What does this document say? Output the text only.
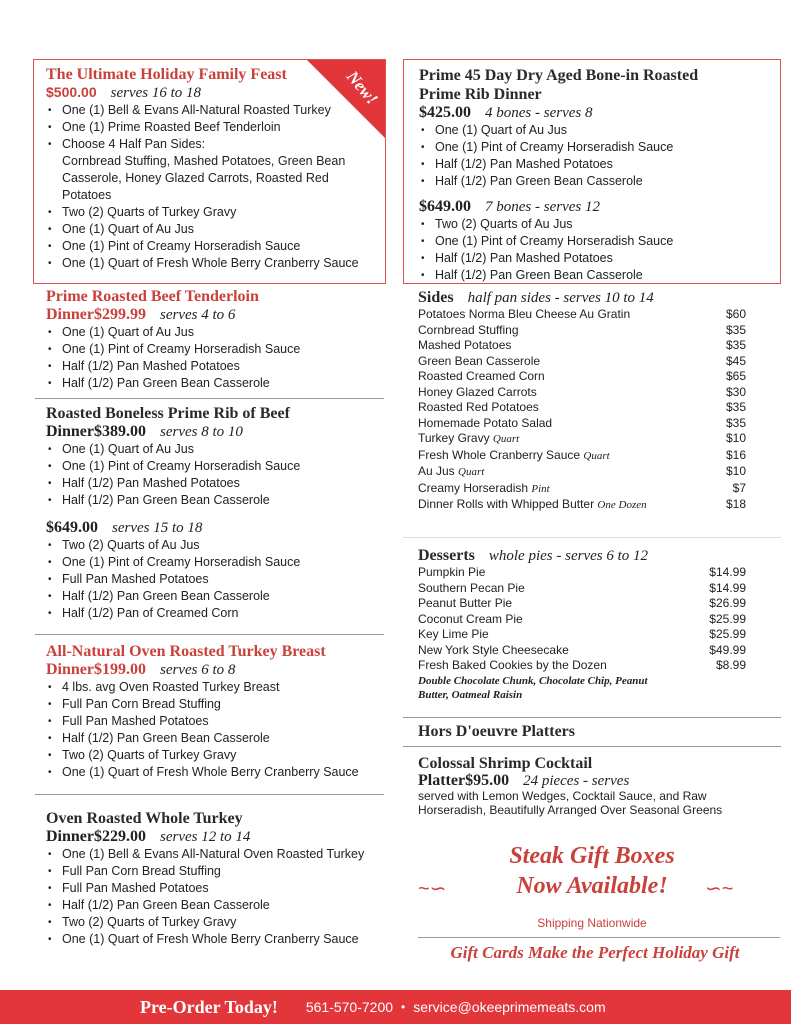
New!
The Ultimate Holiday Family Feast
$500.00 serves 16 to 18
• One (1) Bell & Evans All-Natural Roasted Turkey
• One (1) Prime Roasted Beef Tenderloin
• Choose 4 Half Pan Sides:
Cornbread Stuffing, Mashed Potatoes, Green Bean Casserole, Honey Glazed Carrots, Roasted Red Potatoes
• Two (2) Quarts of Turkey Gravy
• One (1) Quart of Au Jus
• One (1) Pint of Creamy Horseradish Sauce
• One (1) Quart of Fresh Whole Berry Cranberry Sauce
Prime Roasted Beef Tenderloin
Dinner$299.99 serves 4 to 6
• One (1) Quart of Au Jus
• One (1) Pint of Creamy Horseradish Sauce
• Half (1/2) Pan Mashed Potatoes
• Half (1/2) Pan Green Bean Casserole
Roasted Boneless Prime Rib of Beef
Dinner$389.00 serves 8 to 10
• One (1) Quart of Au Jus
• One (1) Pint of Creamy Horseradish Sauce
• Half (1/2) Pan Mashed Potatoes
• Half (1/2) Pan Green Bean Casserole
$649.00 serves 15 to 18
• Two (2) Quarts of Au Jus
• One (1) Pint of Creamy Horseradish Sauce
• Full Pan Mashed Potatoes
• Half (1/2) Pan Green Bean Casserole
• Half (1/2) Pan of Creamed Corn
All-Natural Oven Roasted Turkey Breast
Dinner$199.00 serves 6 to 8
• 4 lbs. avg Oven Roasted Turkey Breast
• Full Pan Corn Bread Stuffing
• Full Pan Mashed Potatoes
• Half (1/2) Pan Green Bean Casserole
• Two (2) Quarts of Turkey Gravy
• One (1) Quart of Fresh Whole Berry Cranberry Sauce
Oven Roasted Whole Turkey
Dinner$229.00 serves 12 to 14
• One (1) Bell & Evans All-Natural Oven Roasted Turkey
• Full Pan Corn Bread Stuffing
• Full Pan Mashed Potatoes
• Half (1/2) Pan Green Bean Casserole
• Two (2) Quarts of Turkey Gravy
• One (1) Quart of Fresh Whole Berry Cranberry Sauce
Prime 45 Day Dry Aged Bone-in Roasted Prime Rib Dinner
$425.00 4 bones - serves 8
• One (1) Quart of Au Jus
• One (1) Pint of Creamy Horseradish Sauce
• Half (1/2) Pan Mashed Potatoes
• Half (1/2) Pan Green Bean Casserole
$649.00 7 bones - serves 12
• Two (2) Quarts of Au Jus
• One (1) Pint of Creamy Horseradish Sauce
• Half (1/2) Pan Mashed Potatoes
• Half (1/2) Pan Green Bean Casserole
Sides half pan sides - serves 10 to 14
Potatoes Norma Bleu Cheese Au Gratin	$60
Cornbread Stuffing	$35
Mashed Potatoes	$35
Green Bean Casserole	$45
Roasted Creamed Corn	$65
Honey Glazed Carrots	$30
Roasted Red Potatoes	$35
Homemade Potato Salad	$35
Turkey Gravy Quart	$10
Fresh Whole Cranberry Sauce Quart	$16
Au Jus Quart	$10
Creamy Horseradish Pint	$7
Dinner Rolls with Whipped Butter One Dozen	$18
Desserts whole pies - serves 6 to 12
Pumpkin Pie	$14.99
Southern Pecan Pie	$14.99
Peanut Butter Pie	$26.99
Coconut Cream Pie	$25.99
Key Lime Pie	$25.99
New York Style Cheesecake	$49.99
Fresh Baked Cookies by the Dozen	$8.99
Double Chocolate Chunk, Chocolate Chip, Peanut Butter, Oatmeal Raisin
Hors D'oeuvre Platters
Colossal Shrimp Cocktail
Platter$95.00 24 pieces - serves
served with Lemon Wedges, Cocktail Sauce, and Raw Horseradish, Beautifully Arranged Over Seasonal Greens
Steak Gift Boxes
~∽	Now Available!	∽~
Shipping Nationwide
Gift Cards Make the Perfect Holiday Gift
Pre-Order Today! 561-570-7200 • service@okeeprimemeats.com
